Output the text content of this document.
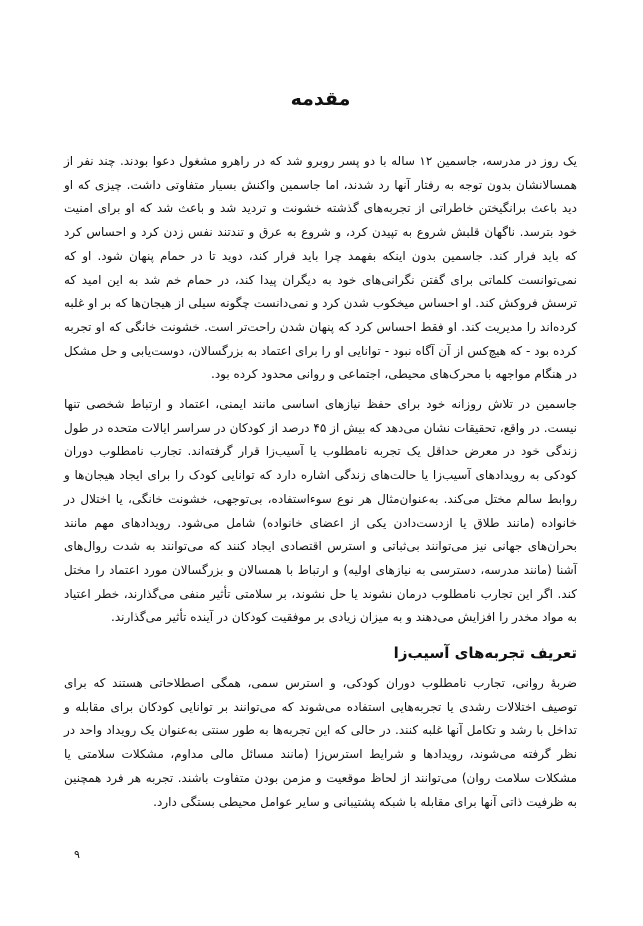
مقدمه

یک روز در مدرسه، جاسمین ۱۲ ساله با دو پسر روبرو شد که در راهرو مشغول دعوا بودند. چند نفر از همسالانشان بدون توجه به رفتار آنها رد شدند، اما جاسمین واکنش بسیار متفاوتی داشت. چیزی که او دید باعث برانگیختن خاطراتی از تجربه‌های گذشته خشونت و تردید شد و باعث شد که او برای امنیت خود بترسد. ناگهان قلبش شروع به تپیدن کرد، و شروع به عرق و تندتند نفس زدن کرد و احساس کرد که باید فرار کند. جاسمین بدون اینکه بفهمد چرا باید فرار کند، دوید تا در حمام پنهان شود. او که نمی‌توانست کلماتی برای گفتن نگرانی‌های خود به دیگران پیدا کند، در حمام خم شد به این امید که ترسش فروکش کند. او احساس میخکوب شدن کرد و نمی‌دانست چگونه سیلی از هیجان‌ها که بر او غلبه کرده‌اند را مدیریت کند. او فقط احساس کرد که پنهان شدن راحت‌تر است. خشونت خانگی که او تجربه کرده بود - که هیچ‌کس از آن آگاه نبود - توانایی او را برای اعتماد به بزرگسالان، دوست‌یابی و حل مشکل در هنگام مواجهه با محرک‌های محیطی، اجتماعی و روانی محدود کرده بود.

جاسمین در تلاش روزانه خود برای حفظ نیازهای اساسی مانند ایمنی، اعتماد و ارتباط شخصی تنها نیست. در واقع، تحقیقات نشان می‌دهد که بیش از ۴۵ درصد از کودکان در سراسر ایالات متحده در طول زندگی خود در معرض حداقل یک تجربه نامطلوب یا آسیب‌زا قرار گرفته‌اند. تجارب نامطلوب دوران کودکی به رویدادهای آسیب‌زا یا حالت‌های زندگی اشاره دارد که توانایی کودک را برای ایجاد هیجان‌ها و روابط سالم مختل می‌کند. به‌عنوان‌مثال هر نوع سوءاستفاده، بی‌توجهی، خشونت خانگی، یا اختلال در خانواده (مانند طلاق یا ازدست‌دادن یکی از اعضای خانواده) شامل می‌شود. رویدادهای مهم مانند بحران‌های جهانی نیز می‌توانند بی‌ثباتی و استرس اقتصادی ایجاد کنند که می‌توانند به شدت روال‌های آشنا (مانند مدرسه، دسترسی به نیازهای اولیه) و ارتباط با همسالان و بزرگسالان مورد اعتماد را مختل کند. اگر این تجارب نامطلوب درمان نشوند یا حل نشوند، بر سلامتی تأثیر منفی می‌گذارند، خطر اعتیاد به مواد مخدر را افزایش می‌دهند و به میزان زیادی بر موفقیت کودکان در آینده تأثیر می‌گذارند.

تعریف تجربه‌های آسیب‌زا

ضربهٔ روانی، تجارب نامطلوب دوران کودکی، و استرس سمی، همگی اصطلاحاتی هستند که برای توصیف اختلالات رشدی یا تجربه‌هایی استفاده می‌شوند که می‌توانند بر توانایی کودکان برای مقابله و تداخل با رشد و تکامل آنها غلبه کنند. در حالی که این تجربه‌ها به طور سنتی به‌عنوان یک رویداد واحد در نظر گرفته می‌شوند، رویدادها و شرایط استرس‌زا (مانند مسائل مالی مداوم، مشکلات سلامتی یا مشکلات سلامت روان) می‌توانند از لحاظ موقعیت و مزمن بودن متفاوت باشند. تجربه هر فرد همچنین به ظرفیت ذاتی آنها برای مقابله با شبکه پشتیبانی و سایر عوامل محیطی بستگی دارد.

۹
